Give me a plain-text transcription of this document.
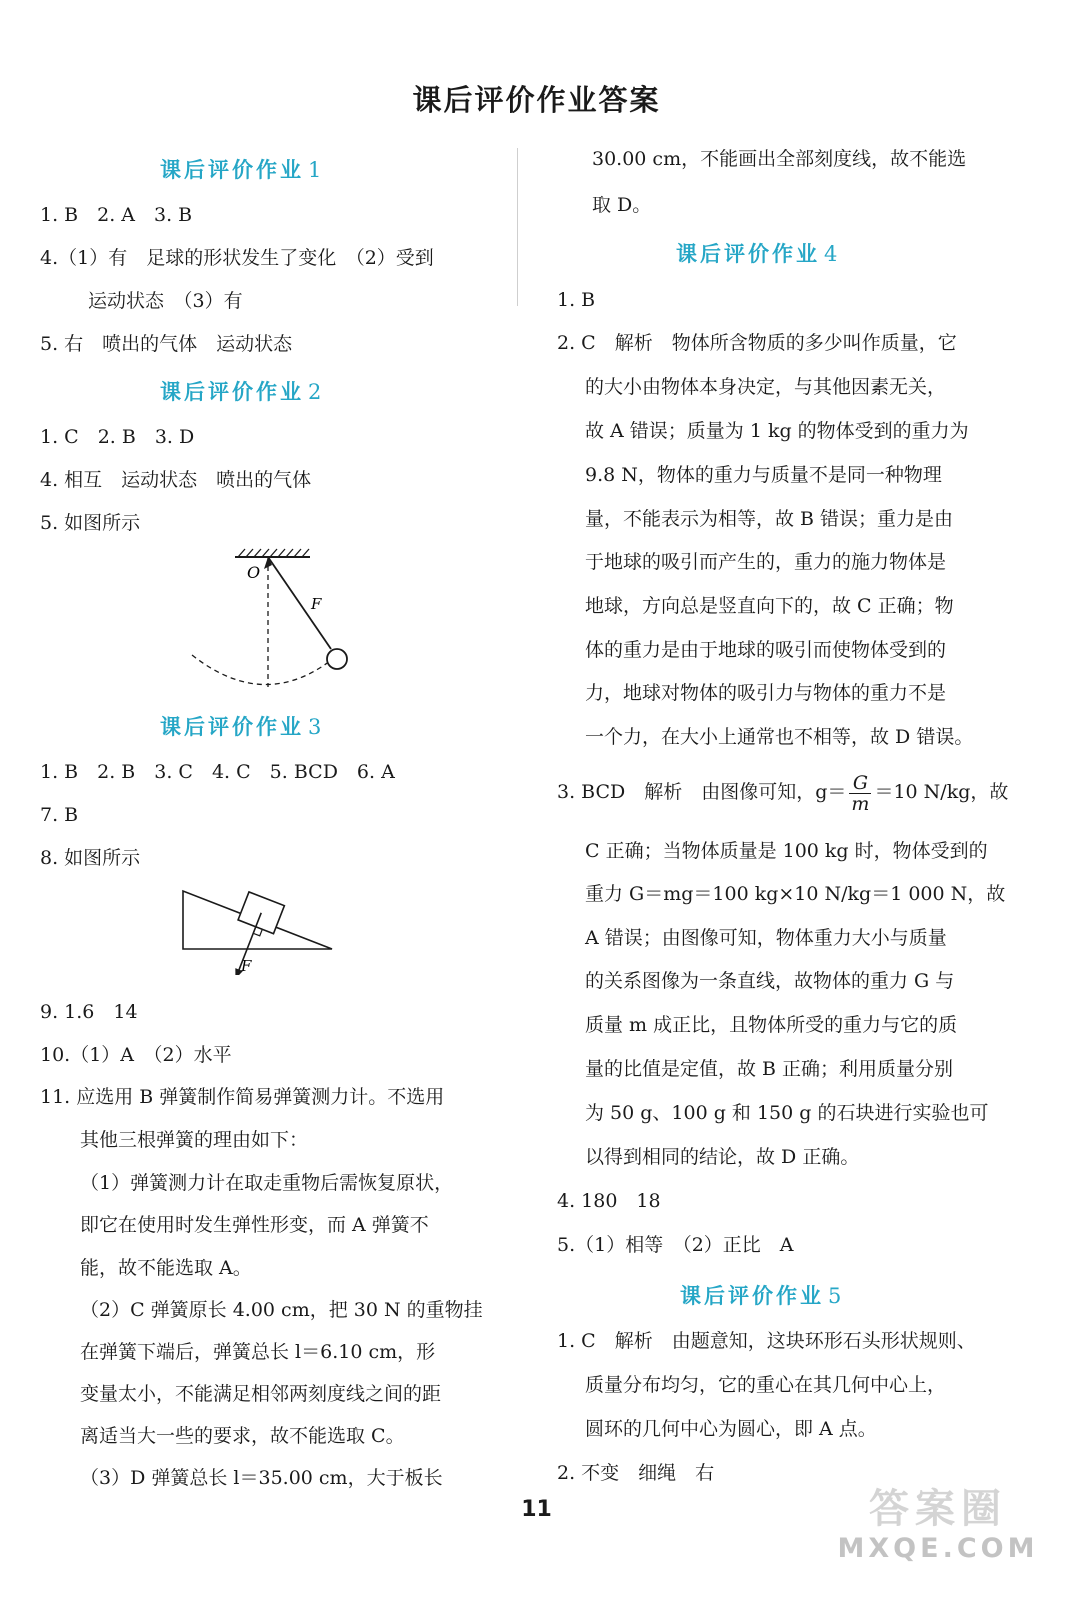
课后评价作业答案
课后评价作业 1
1. B　2. A　3. B
4.（1）有　足球的形状发生了变化　（2）受到
运动状态　（3）有
5. 右　喷出的气体　运动状态
课后评价作业 2
1. C　2. B　3. D
4. 相互　运动状态　喷出的气体
5. 如图所示
O
F
课后评价作业 3
1. B　2. B　3. C　4. C　5. BCD　6. A
7. B
8. 如图所示
F
9. 1.6　14
10.（1）A　（2）水平
11. 应选用 B 弹簧制作简易弹簧测力计。不选用
其他三根弹簧的理由如下：
（1）弹簧测力计在取走重物后需恢复原状，
即它在使用时发生弹性形变，而 A 弹簧不
能，故不能选取 A。
（2）C 弹簧原长 4.00 cm，把 30 N 的重物挂
在弹簧下端后，弹簧总长 l＝6.10 cm，形
变量太小，不能满足相邻两刻度线之间的距
离适当大一些的要求，故不能选取 C。
（3）D 弹簧总长 l＝35.00 cm，大于板长
30.00 cm，不能画出全部刻度线，故不能选
取 D。
课后评价作业 4
1. B
2. C　解析　物体所含物质的多少叫作质量，它
的大小由物体本身决定，与其他因素无关，
故 A 错误；质量为 1 kg 的物体受到的重力为
9.8 N，物体的重力与质量不是同一种物理
量，不能表示为相等，故 B 错误；重力是由
于地球的吸引而产生的，重力的施力物体是
地球，方向总是竖直向下的，故 C 正确；物
体的重力是由于地球的吸引而使物体受到的
力，地球对物体的吸引力与物体的重力不是
一个力，在大小上通常也不相等，故 D 错误。
3. BCD　解析　由图像可知，$g= \frac{G}{m} =10$ N/kg，故
C 正确；当物体质量是 100 kg 时，物体受到的
重力 G＝mg＝100 kg×10 N/kg＝1 000 N，故
A 错误；由图像可知，物体重力大小与质量
的关系图像为一条直线，故物体的重力 G 与
质量 m 成正比，且物体所受的重力与它的质
量的比值是定值，故 B 正确；利用质量分别
为 50 g、100 g 和 150 g 的石块进行实验也可
以得到相同的结论，故 D 正确。
4. 180　18
5.（1）相等　（2）正比　A
课后评价作业 5
1. C　解析　由题意知，这块环形石头形状规则、
质量分布均匀，它的重心在其几何中心上，
圆环的几何中心为圆心，即 A 点。
2. 不变　细绳　右
11	答案圈
MXQE.COM
